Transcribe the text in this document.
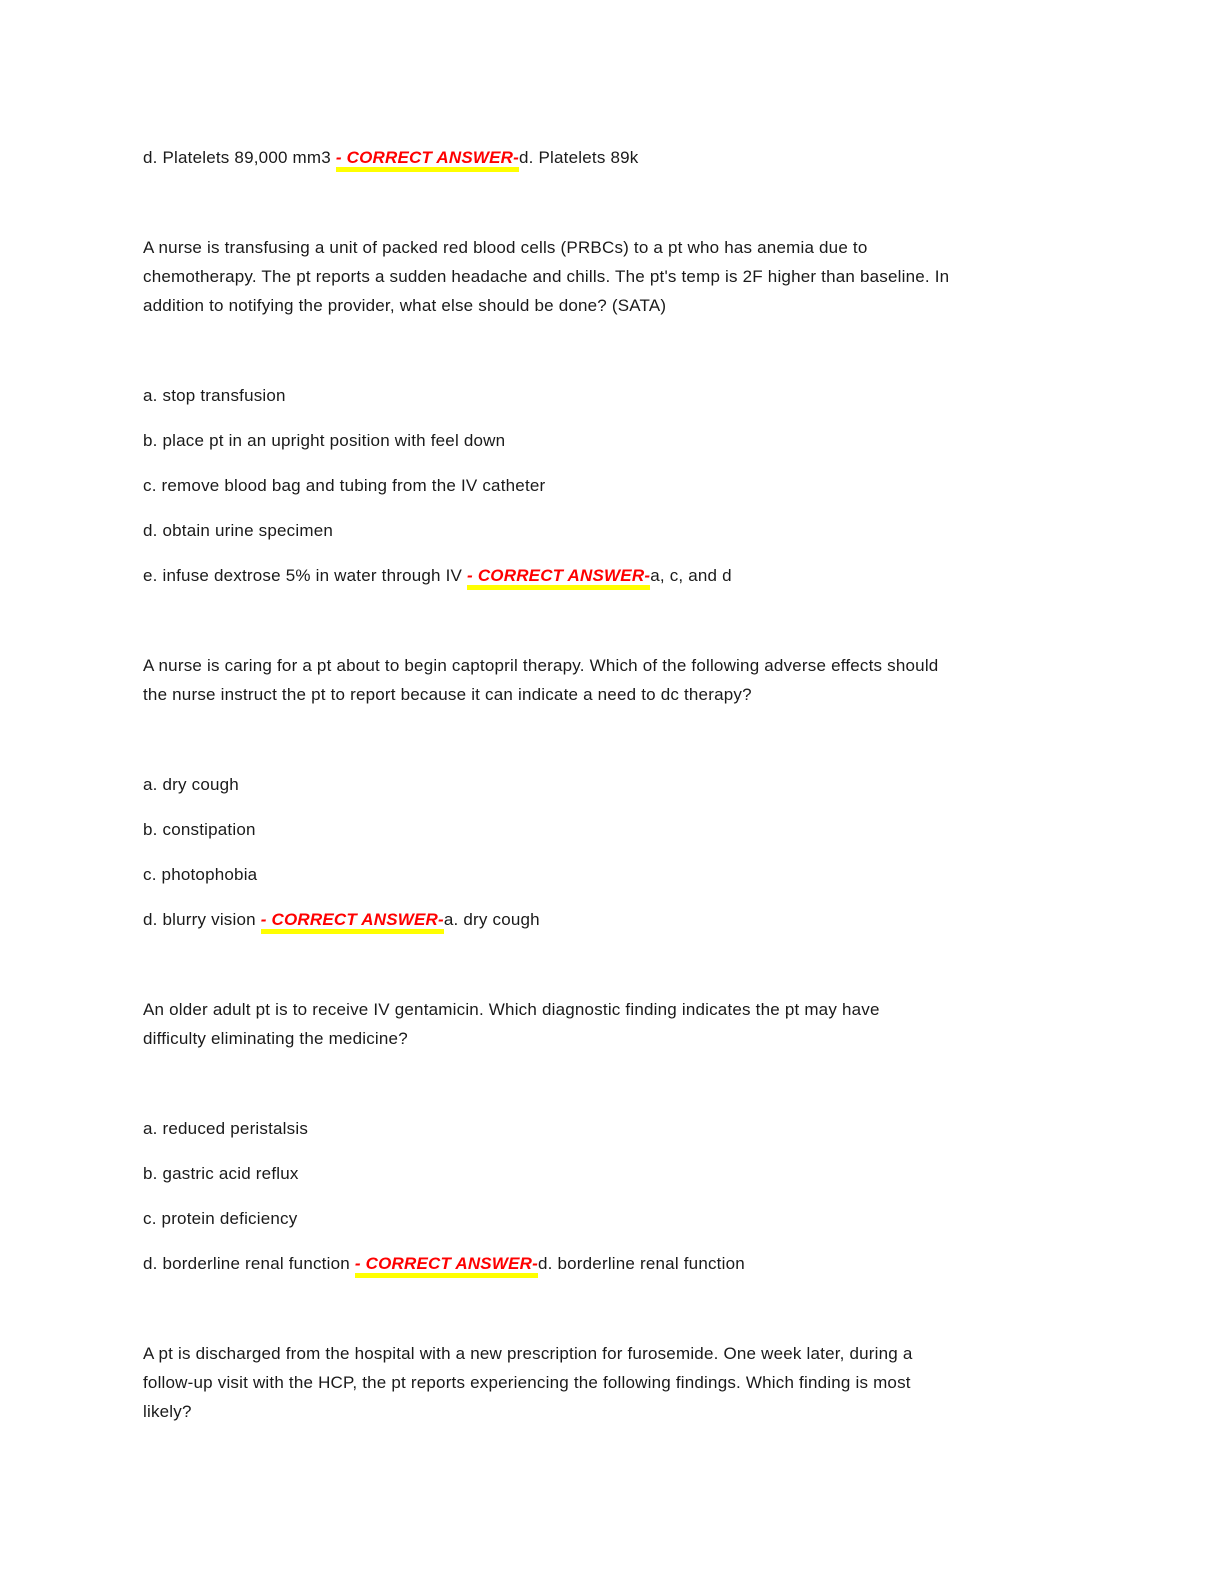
d. Platelets 89,000 mm3 - CORRECT ANSWER-d. Platelets 89k
A nurse is transfusing a unit of packed red blood cells (PRBCs) to a pt who has anemia due to
chemotherapy. The pt reports a sudden headache and chills. The pt's temp is 2F higher than baseline. In
addition to notifying the provider, what else should be done? (SATA)
a. stop transfusion
b. place pt in an upright position with feel down
c. remove blood bag and tubing from the IV catheter
d. obtain urine specimen
e. infuse dextrose 5% in water through IV - CORRECT ANSWER-a, c, and d
A nurse is caring for a pt about to begin captopril therapy. Which of the following adverse effects should
the nurse instruct the pt to report because it can indicate a need to dc therapy?
a. dry cough
b. constipation
c. photophobia
d. blurry vision - CORRECT ANSWER-a. dry cough
An older adult pt is to receive IV gentamicin. Which diagnostic finding indicates the pt may have
difficulty eliminating the medicine?
a. reduced peristalsis
b. gastric acid reflux
c. protein deficiency
d. borderline renal function - CORRECT ANSWER-d. borderline renal function
A pt is discharged from the hospital with a new prescription for furosemide. One week later, during a
follow-up visit with the HCP, the pt reports experiencing the following findings. Which finding is most
likely?
